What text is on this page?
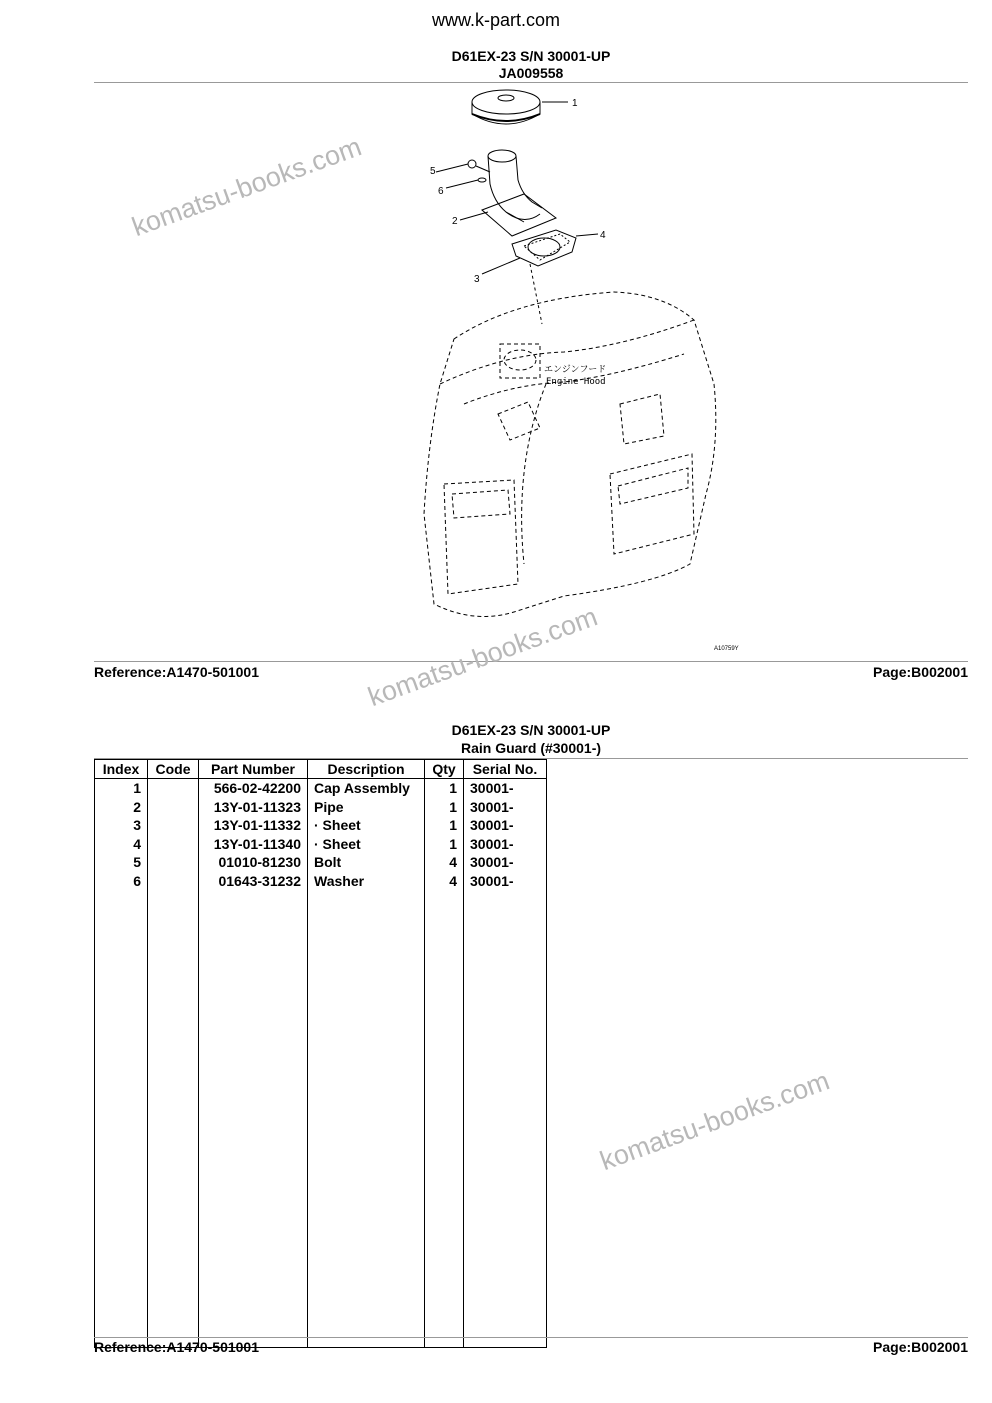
www.k-part.com
D61EX-23 S/N 30001-UP
JA009558
1
2
3
4
5
6
エンジンフード
Engine Hood
A10759Y
Reference:A1470-501001	Page:B002001
komatsu-books.com
komatsu-books.com
komatsu-books.com
D61EX-23 S/N 30001-UP
Rain Guard (#30001-)
Index	Code	Part Number	Description	Qty	Serial No.
1		566-02-42200	Cap Assembly	1	30001-
2		13Y-01-11323	Pipe	1	30001-
3		13Y-01-11332	· Sheet	1	30001-
4		13Y-01-11340	· Sheet	1	30001-
5		01010-81230	Bolt	4	30001-
6		01643-31232	Washer	4	30001-

Reference:A1470-501001	Page:B002001
